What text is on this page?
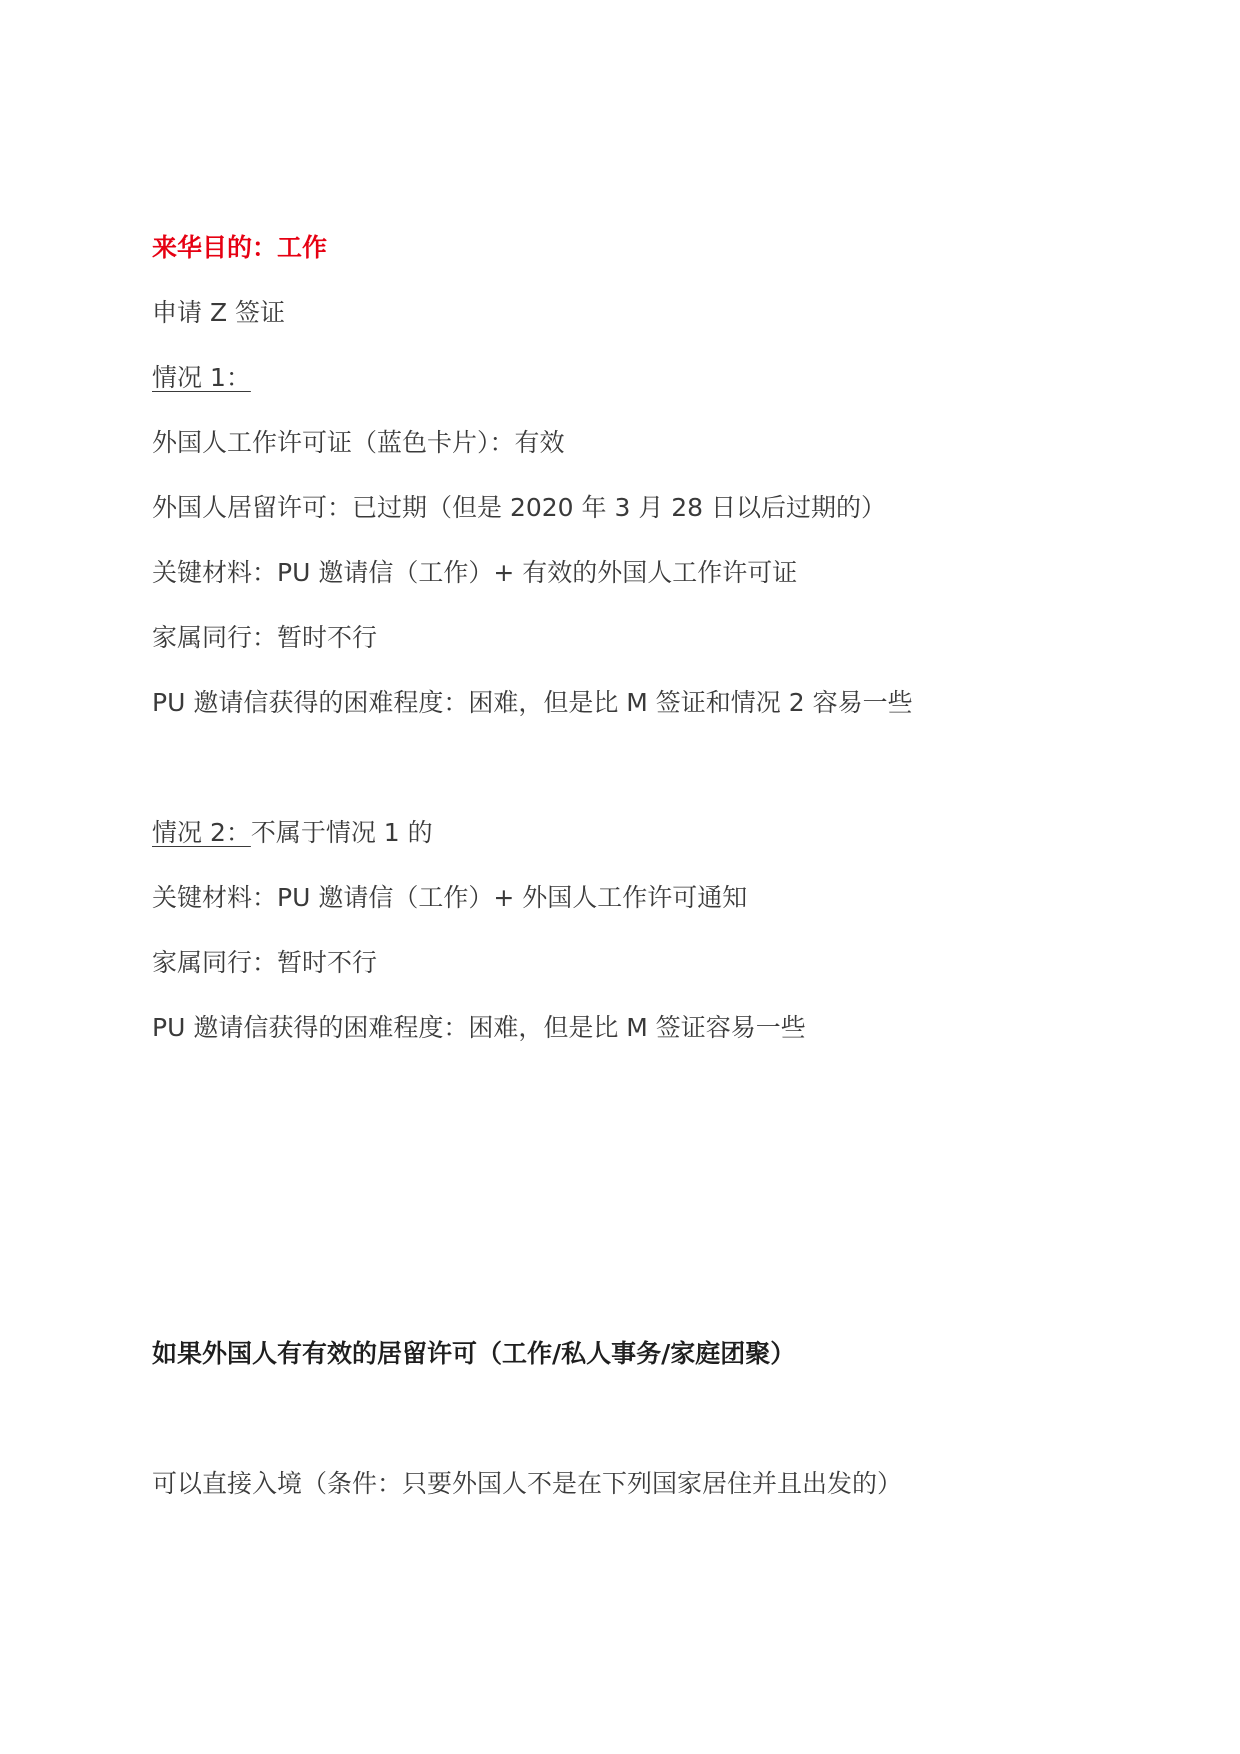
来华目的：工作
申请 Z 签证
情况 1：
外国人工作许可证（蓝色卡片）：有效
外国人居留许可：已过期（但是 2020 年 3 月 28 日以后过期的）
关键材料：PU 邀请信（工作）+ 有效的外国人工作许可证
家属同行：暂时不行
PU 邀请信获得的困难程度：困难，但是比 M 签证和情况 2 容易一些
情况 2：不属于情况 1 的
关键材料：PU 邀请信（工作）+ 外国人工作许可通知
家属同行：暂时不行
PU 邀请信获得的困难程度：困难，但是比 M 签证容易一些
如果外国人有有效的居留许可（工作/私人事务/家庭团聚）
可以直接入境（条件：只要外国人不是在下列国家居住并且出发的）
